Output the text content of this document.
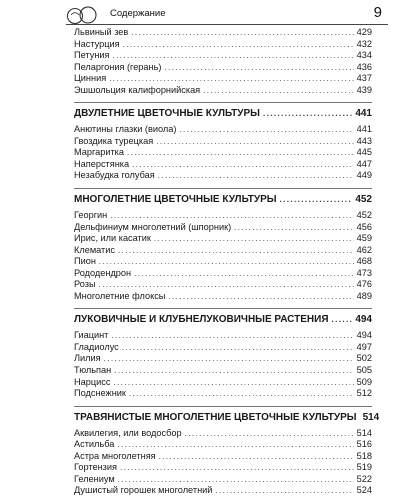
Содержание	9
Львиный зев .....	429
Настурция .....	432
Петуния .....	434
Пеларгония (герань) .....	436
Цинния .....	437
Эшшольция калифорнийская .....	439
ДВУЛЕТНИЕ ЦВЕТОЧНЫЕ КУЛЬТУРЫ .....	441
Анютины глазки (виола) .....	441
Гвоздика турецкая .....	443
Маргаритка .....	445
Наперстянка .....	447
Незабудка голубая .....	449
МНОГОЛЕТНИЕ ЦВЕТОЧНЫЕ КУЛЬТУРЫ .....	452
Георгин .....	452
Дельфиниум многолетний (шпорник) .....	456
Ирис, или касатик .....	459
Клематис .....	462
Пион .....	468
Рододендрон .....	473
Розы .....	476
Многолетние флоксы .....	489
ЛУКОВИЧНЫЕ И КЛУБНЕЛУКОВИЧНЫЕ РАСТЕНИЯ .....	494
Гиацинт .....	494
Гладиолус .....	497
Лилия .....	502
Тюльпан .....	505
Нарцисс .....	509
Подснежник .....	512
ТРАВЯНИСТЫЕ МНОГОЛЕТНИЕ ЦВЕТОЧНЫЕ КУЛЬТУРЫ 514
Аквилегия, или водосбор .....	514
Астильба .....	516
Астра многолетняя .....	518
Гортензия .....	519
Гелениум .....	522
Душистый горошек многолетний .....	524
